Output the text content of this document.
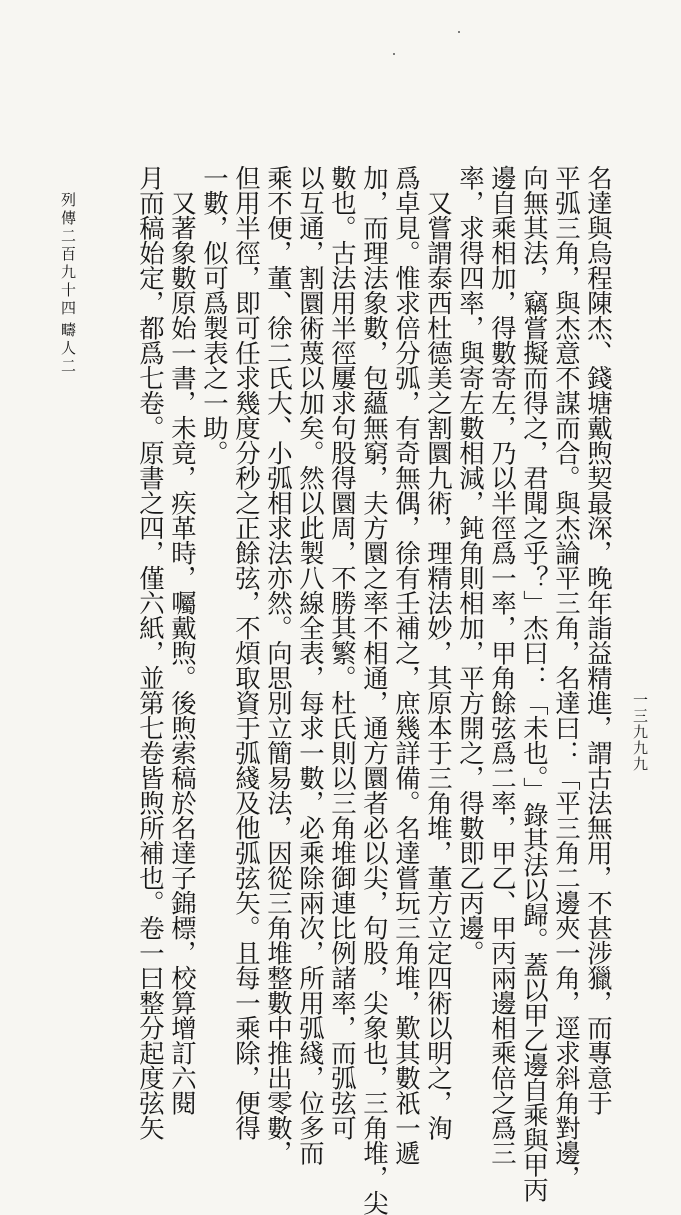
名達與烏程陳杰、錢塘戴煦契最深，晚年詣益精進，謂古法無用，不甚涉獵，而專意于
平弧三角，與杰意不謀而合。與杰論平三角，名達曰：「平三角二邊夾一角，逕求斜角對邊，
向無其法，竊嘗擬而得之，君聞之乎？」杰曰：「未也。」錄其法以歸。蓋以甲乙邊自乘與甲丙
邊自乘相加，得數寄左，乃以半徑爲一率，甲角餘弦爲二率，甲乙、甲丙兩邊相乘倍之爲三
率，求得四率，與寄左數相減，鈍角則相加，平方開之，得數即乙丙邊。
又嘗謂泰西杜德美之割圜九術，理精法妙，其原本于三角堆，董方立定四術以明之，洵
爲卓見。惟求倍分弧，有奇無偶，徐有壬補之，庶幾詳備。名達嘗玩三角堆，歎其數祇一遞
加，而理法象數，包蘊無窮，夫方圜之率不相通，通方圜者必以尖，句股，尖象也，三角堆，尖
數也。古法用半徑屢求句股得圜周，不勝其繁。杜氏則以三角堆御連比例諸率，而弧弦可
以互通，割圜術蔑以加矣。然以此製八線全表，每求一數，必乘除兩次，所用弧綫，位多而
乘不便，董、徐二氏大、小弧相求法亦然。向思別立簡易法，因從三角堆整數中推出零數，
但用半徑，即可任求幾度分秒之正餘弦，不煩取資于弧綫及他弧弦矢。且每一乘除，便得
一數，似可爲製表之一助。
又著象數原始一書，未竟，疾革時，囑戴煦。後煦索稿於名達子錦標，校算增訂六閱
月而稿始定，都爲七卷。原書之四，僅六紙，並第七卷皆煦所補也。卷一曰整分起度弦矢
列傳二百九十四
疇人二
一三九九九
